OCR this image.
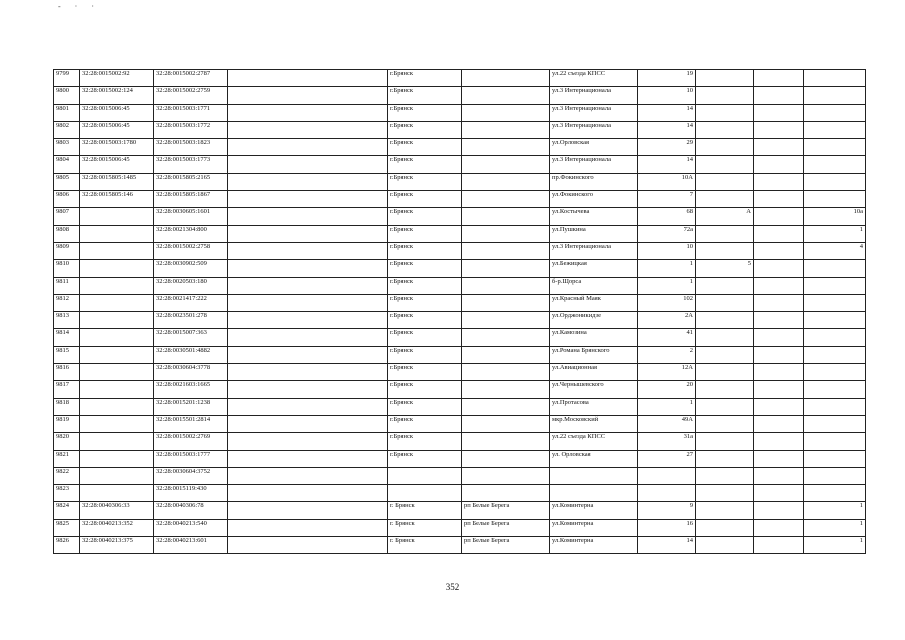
- · ·
9799	32:28:0015002:92	32:28:0015002:2787		г.Брянск		ул.22 съезда КПСС	19			
9800	32:28:0015002:124	32:28:0015002:2759		г.Брянск		ул.3 Интернационала	10			
9801	32:28:0015006:45	32:28:0015003:1771		г.Брянск		ул.3 Интернационала	14			
9802	32:28:0015006:45	32:28:0015003:1772		г.Брянск		ул.3 Интернационала	14			
9803	32:28:0015003:1780	32:28:0015003:1823		г.Брянск		ул.Орловская	29			
9804	32:28:0015006:45	32:28:0015003:1773		г.Брянск		ул.3 Интернационала	14			
9805	32:28:0015805:1485	32:28:0015805:2165		г.Брянск		пр.Фокинского	10А			
9806	32:28:0015805:146	32:28:0015805:1867		г.Брянск		ул.Фокинского	7			
9807		32:28:0030605:1601		г.Брянск		ул.Костычева	68	А		10а
9808		32:28:0021304:800		г.Брянск		ул.Пушкина	72а			1
9809		32:28:0015002:2758		г.Брянск		ул.3 Интернационала	10			4
9810		32:28:0030902:509		г.Брянск		ул.Бежицкая	1	5		
9811		32:28:0020503:180		г.Брянск		б-р.Щорса	1			
9812		32:28:0021417:222		г.Брянск		ул.Красный Маяк	102			
9813		32:28:0023501:278		г.Брянск		ул.Орджоникидзе	2А			
9814		32:28:0015007:363		г.Брянск		ул.Камозина	41			
9815		32:28:0030501:4882		г.Брянск		ул.Романа Брянского	2			
9816		32:28:0030604:3778		г.Брянск		ул.Авиационная	12А			
9817		32:28:0021603:1665		г.Брянск		ул.Чернышевского	20			
9818		32:28:0015201:1238		г.Брянск		ул.Протасова	1			
9819		32:28:0015501:2814		г.Брянск		мкр.Московский	49А			
9820		32:28:0015002:2769		г.Брянск		ул.22 съезда КПСС	31а			
9821		32:28:0015003:1777		г.Брянск		ул. Орловская	27			
9822		32:28:0030604:3752								
9823		32:28:0015119:430								
9824	32:28:0040306:33	32:28:0040306:78		г. Брянск	рп Белые Берега	ул.Коминтерна	9			1
9825	32:28:0040213:352	32:28:0040213:540		г. Брянск	рп Белые Берега	ул.Коминтерна	16			1
9826	32:28:0040213:375	32:28:0040213:601		г. Брянск	рп Белые Берега	ул.Коминтерна	14			1
352
